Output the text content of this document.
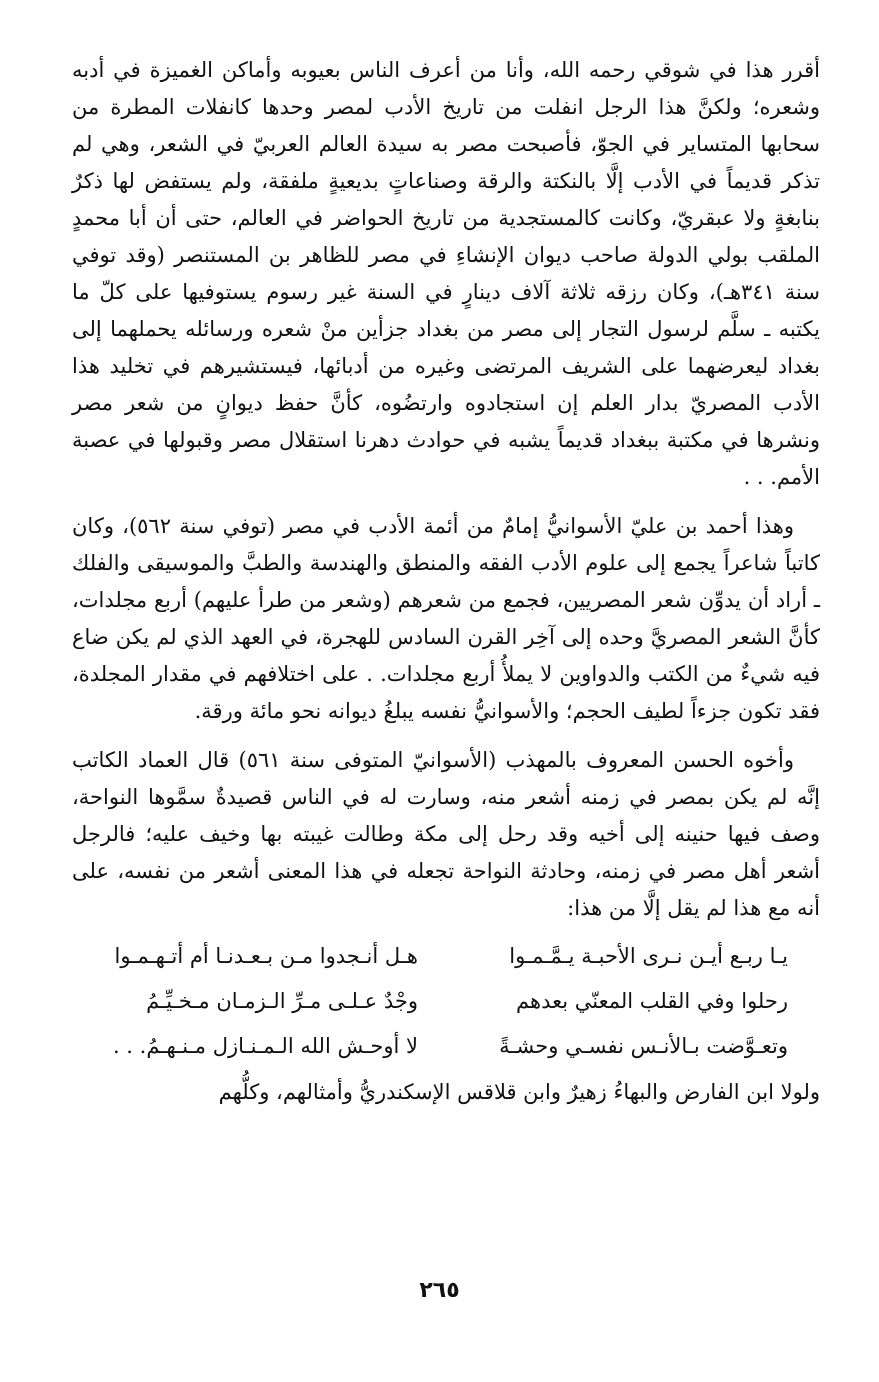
أقرر هذا في شوقي رحمه الله، وأنا من أعرف الناس بعيوبه وأماكن الغميزة في أدبه وشعره؛ ولكنَّ هذا الرجل انفلت من تاريخ الأدب لمصر وحدها كانفلات المطرة من سحابها المتساير في الجوّ، فأصبحت مصر به سيدة العالم العربيّ في الشعر، وهي لم تذكر قديماً في الأدب إلَّا بالنكتة والرقة وصناعاتٍ بديعيةٍ ملفقة، ولم يستفض لها ذكرٌ بنابغةٍ ولا عبقريّ، وكانت كالمستجدية من تاريخ الحواضر في العالم، حتى أن أبا محمدٍ الملقب بولي الدولة صاحب ديوان الإنشاءِ في مصر للظاهر بن المستنصر (وقد توفي سنة ٣٤١هـ)، وكان رزقه ثلاثة آلاف دينارٍ في السنة غير رسوم يستوفيها على كلّ ما يكتبه ـ سلَّم لرسول التجار إلى مصر من بغداد جزأين منْ شعره ورسائله يحملهما إلى بغداد ليعرضهما على الشريف المرتضى وغيره من أدبائها، فيستشيرهم في تخليد هذا الأدب المصريّ بدار العلم إن استجادوه وارتضُوه، كأنَّ حفظ ديوانٍ من شعر مصر ونشرها في مكتبة ببغداد قديماً يشبه في حوادث دهرنا استقلال مصر وقبولها في عصبة الأمم. . .

وهذا أحمد بن عليّ الأسوانيُّ إمامٌ من أئمة الأدب في مصر (توفي سنة ٥٦٢)، وكان كاتباً شاعراً يجمع إلى علوم الأدب الفقه والمنطق والهندسة والطبَّ والموسيقى والفلك ـ أراد أن يدوِّن شعر المصريين، فجمع من شعرهم (وشعر من طرأ عليهم) أربع مجلدات، كأنَّ الشعر المصريَّ وحده إلى آخِر القرن السادس للهجرة، في العهد الذي لم يكن ضاع فيه شيءٌ من الكتب والدواوين لا يملأُ أربع مجلدات. . على اختلافهم في مقدار المجلدة، فقد تكون جزءاً لطيف الحجم؛ والأسوانيُّ نفسه يبلغُ ديوانه نحو مائة ورقة.

وأخوه الحسن المعروف بالمهذب (الأسوانيّ المتوفى سنة ٥٦١) قال العماد الكاتب إنَّه لم يكن بمصر في زمنه أشعر منه، وسارت له في الناس قصيدةٌ سمَّوها النواحة، وصف فيها حنينه إلى أخيه وقد رحل إلى مكة وطالت غيبته بها وخيف عليه؛ فالرجل أشعر أهل مصر في زمنه، وحادثة النواحة تجعله في هذا المعنى أشعر من نفسه، على أنه مع هذا لم يقل إلَّا من هذا:

يـا ربـع أيـن نـرى الأحبـة يـمَّـمـوا
هـل أنـجدوا مـن بـعـدنـا أم أتـهـمـوا
رحلوا وفي القلب المعنّي بعدهم
وجْدٌ عـلـى مـرِّ الـزمـان مـخـيِّـمُ
وتعـوَّضت بـالأنـس نفسـي وحشـةً
لا أوحـش الله الـمـنـازل مـنـهـمُ. . .
ولولا ابن الفارض والبهاءُ زهيرٌ وابن قلاقس الإسكندريُّ وأمثالهم، وكلُّهم
٢٦٥
